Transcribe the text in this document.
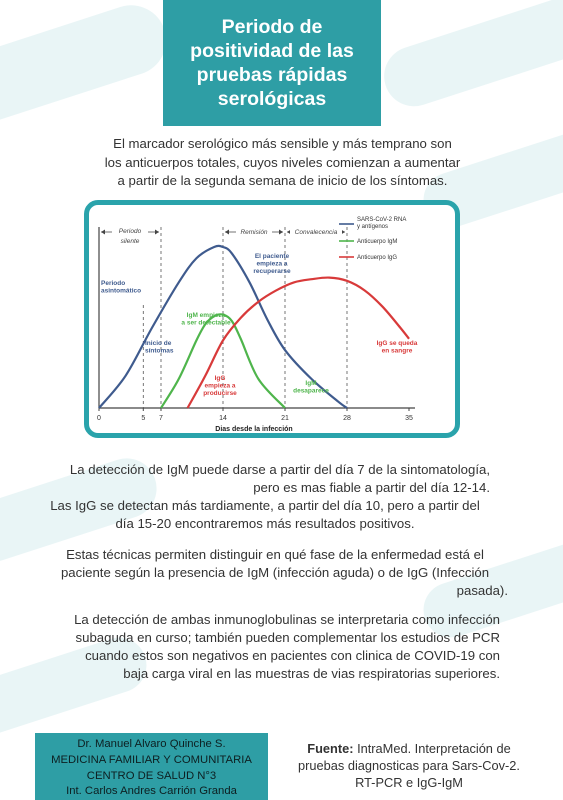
Periodo de
positividad de las
pruebas rápidas
serológicas
El marcador serológico más sensible y más temprano son
los anticuerpos totales, cuyos niveles comienzan a aumentar
a partir de la segunda semana de inicio de los síntomas.
Periodo
silente
Remisión	Convalecencia
0	5 7	14	21	28	35
Dias desde la infección
SARS-CoV-2 RNA
y antígenos
Anticuerpo IgM
Anticuerpo IgG
Periodo
asintomático
Inicio de
síntomas
IgM empieza
a ser detectable
IgG
empieza a
producirse
El paciente
empieza a
recuperarse
IgM
desaparece
IgG se queda
en sangre
La detección de IgM puede darse a partir del día 7 de la sintomatología,
pero es mas fiable a partir del día 12-14.
Las IgG se detectan más tardiamente, a partir del día 10, pero a partir del
día 15-20 encontraremos más resultados positivos.
Estas técnicas permiten distinguir en qué fase de la enfermedad está el
paciente según la presencia de IgM (infección aguda) o de IgG (Infección
pasada).
La detección de ambas inmunoglobulinas se interpretaria como infección
subaguda en curso; también pueden complementar los estudios de PCR
cuando estos son negativos en pacientes con clinica de COVID-19 con
baja carga viral en las muestras de vias respiratorias superiores.
Dr. Manuel Alvaro Quinche S.
MEDICINA FAMILIAR Y COMUNITARIA
CENTRO DE SALUD N°3
Int. Carlos Andres Carrión Granda
Fuente: IntraMed. Interpretación de
pruebas diagnosticas para Sars-Cov-2.
RT-PCR e IgG-IgM
